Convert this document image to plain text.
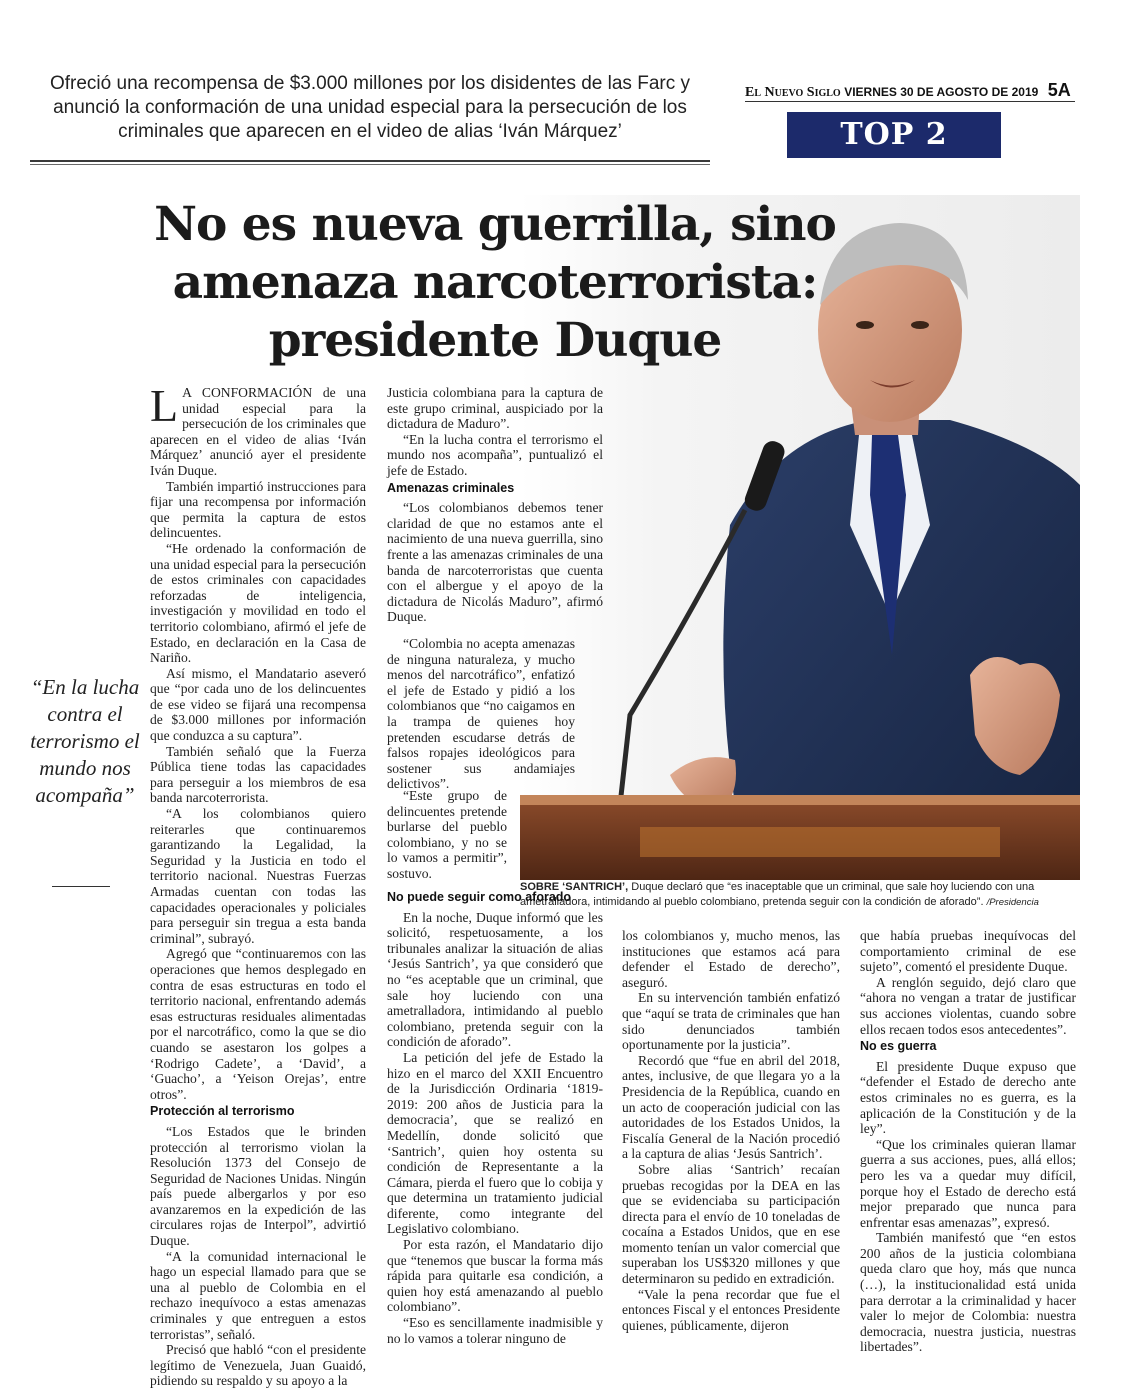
Ofreció una recompensa de $3.000 millones por los disidentes de las Farc y anunció la conformación de una unidad especial para la persecución de los criminales que aparecen en el video de alias ‘Iván Márquez’
El Nuevo Siglo VIERNES 30 DE AGOSTO DE 2019 5A
TOP 2
No es nueva guerrilla, sino amenaza narcoterrorista: presidente Duque
SOBRE ‘SANTRICH’, Duque declaró que “es inaceptable que un criminal, que sale hoy luciendo con una ametralladora, intimidando al pueblo colombiano, pretenda seguir con la condición de aforado”. /Presidencia
“En la lucha contra el terrorismo el mundo nos acompaña”

L A CONFORMACIÓN de una unidad especial para la persecución de los criminales que aparecen en el video de alias ‘Iván Márquez’ anunció ayer el presidente Iván Duque.

También impartió instrucciones para fijar una recompensa por información que permita la captura de estos delincuentes.

“He ordenado la conformación de una unidad especial para la persecución de estos criminales con capacidades reforzadas de inteligencia, investigación y movilidad en todo el territorio colombiano, afirmó el jefe de Estado, en declaración en la Casa de Nariño.

Así mismo, el Mandatario aseveró que “por cada uno de los delincuentes de ese video se fijará una recompensa de $3.000 millones por información que conduzca a su captura”.

También señaló que la Fuerza Pública tiene todas las capacidades para perseguir a los miembros de esa banda narcoterrorista.

“A los colombianos quiero reiterarles que continuaremos garantizando la Legalidad, la Seguridad y la Justicia en todo el territorio nacional. Nuestras Fuerzas Armadas cuentan con todas las capacidades operacionales y policiales para perseguir sin tregua a esta banda criminal”, subrayó.

Agregó que “continuaremos con las operaciones que hemos desplegado en contra de esas estructuras en todo el territorio nacional, enfrentando además esas estructuras residuales alimentadas por el narcotráfico, como la que se dio cuando se asestaron los golpes a ‘Rodrigo Cadete’, a ‘David’, a ‘Guacho’, a ‘Yeison Orejas’, entre otros”.

Protección al terrorismo

“Los Estados que le brinden protección al terrorismo violan la Resolución 1373 del Consejo de Seguridad de Naciones Unidas. Ningún país puede albergarlos y por eso avanzaremos en la expedición de las circulares rojas de Interpol”, advirtió Duque.

“A la comunidad internacional le hago un especial llamado para que se una al pueblo de Colombia en el rechazo inequívoco a estas amenazas criminales y que entreguen a estos terroristas”, señaló.

Precisó que habló “con el presidente legítimo de Venezuela, Juan Guaidó, pidiendo su respaldo y su apoyo a la

Justicia colombiana para la captura de este grupo criminal, auspiciado por la dictadura de Maduro”.

“En la lucha contra el terrorismo el mundo nos acompaña”, puntualizó el jefe de Estado.

Amenazas criminales

“Los colombianos debemos tener claridad de que no estamos ante el nacimiento de una nueva guerrilla, sino frente a las amenazas criminales de una banda de narcoterroristas que cuenta con el albergue y el apoyo de la dictadura de Nicolás Maduro”, afirmó Duque.

“Colombia no acepta amenazas de ninguna naturaleza, y mucho menos del narcotráfico”, enfatizó el jefe de Estado y pidió a los colombianos que “no caigamos en la trampa de quienes hoy pretenden escudarse detrás de falsos ropajes ideológicos para sostener sus andamiajes delictivos”.

“Este grupo de delincuentes pretende burlarse del pueblo colombiano, y no se lo vamos a permitir”, sostuvo.

No puede seguir como aforado

En la noche, Duque informó que les solicitó, respetuosamente, a los tribunales analizar la situación de alias ‘Jesús Santrich’, ya que consideró que no “es aceptable que un criminal, que sale hoy luciendo con una ametralladora, intimidando al pueblo colombiano, pretenda seguir con la condición de aforado”.

La petición del jefe de Estado la hizo en el marco del XXII Encuentro de la Jurisdicción Ordinaria ‘1819-2019: 200 años de Justicia para la democracia’, que se realizó en Medellín, donde solicitó que ‘Santrich’, quien hoy ostenta su condición de Representante a la Cámara, pierda el fuero que lo cobija y que determina un tratamiento judicial diferente, como integrante del Legislativo colombiano.

Por esta razón, el Mandatario dijo que “tenemos que buscar la forma más rápida para quitarle esa condición, a quien hoy está amenazando al pueblo colombiano”.

“Eso es sencillamente inadmisible y no lo vamos a tolerar ninguno de

los colombianos y, mucho menos, las instituciones que estamos acá para defender el Estado de derecho”, aseguró.

En su intervención también enfatizó que “aquí se trata de criminales que han sido denunciados también oportunamente por la justicia”.

Recordó que “fue en abril del 2018, antes, inclusive, de que llegara yo a la Presidencia de la República, cuando en un acto de cooperación judicial con las autoridades de los Estados Unidos, la Fiscalía General de la Nación procedió a la captura de alias ‘Jesús Santrich’.

Sobre alias ‘Santrich’ recaían pruebas recogidas por la DEA en las que se evidenciaba su participación directa para el envío de 10 toneladas de cocaína a Estados Unidos, que en ese momento tenían un valor comercial que superaban los US$320 millones y que determinaron su pedido en extradición.

“Vale la pena recordar que fue el entonces Fiscal y el entonces Presidente quienes, públicamente, dijeron

que había pruebas inequívocas del comportamiento criminal de ese sujeto”, comentó el presidente Duque.

A renglón seguido, dejó claro que “ahora no vengan a tratar de justificar sus acciones violentas, cuando sobre ellos recaen todos esos antecedentes”.

No es guerra

El presidente Duque expuso que “defender el Estado de derecho ante estos criminales no es guerra, es la aplicación de la Constitución y de la ley”.

“Que los criminales quieran llamar guerra a sus acciones, pues, allá ellos; pero les va a quedar muy difícil, porque hoy el Estado de derecho está mejor preparado que nunca para enfrentar esas amenazas”, expresó.

También manifestó que “en estos 200 años de la justicia colombiana queda claro que hoy, más que nunca (…), la institucionalidad está unida para derrotar a la criminalidad y hacer valer lo mejor de Colombia: nuestra democracia, nuestra justicia, nuestras libertades”.
